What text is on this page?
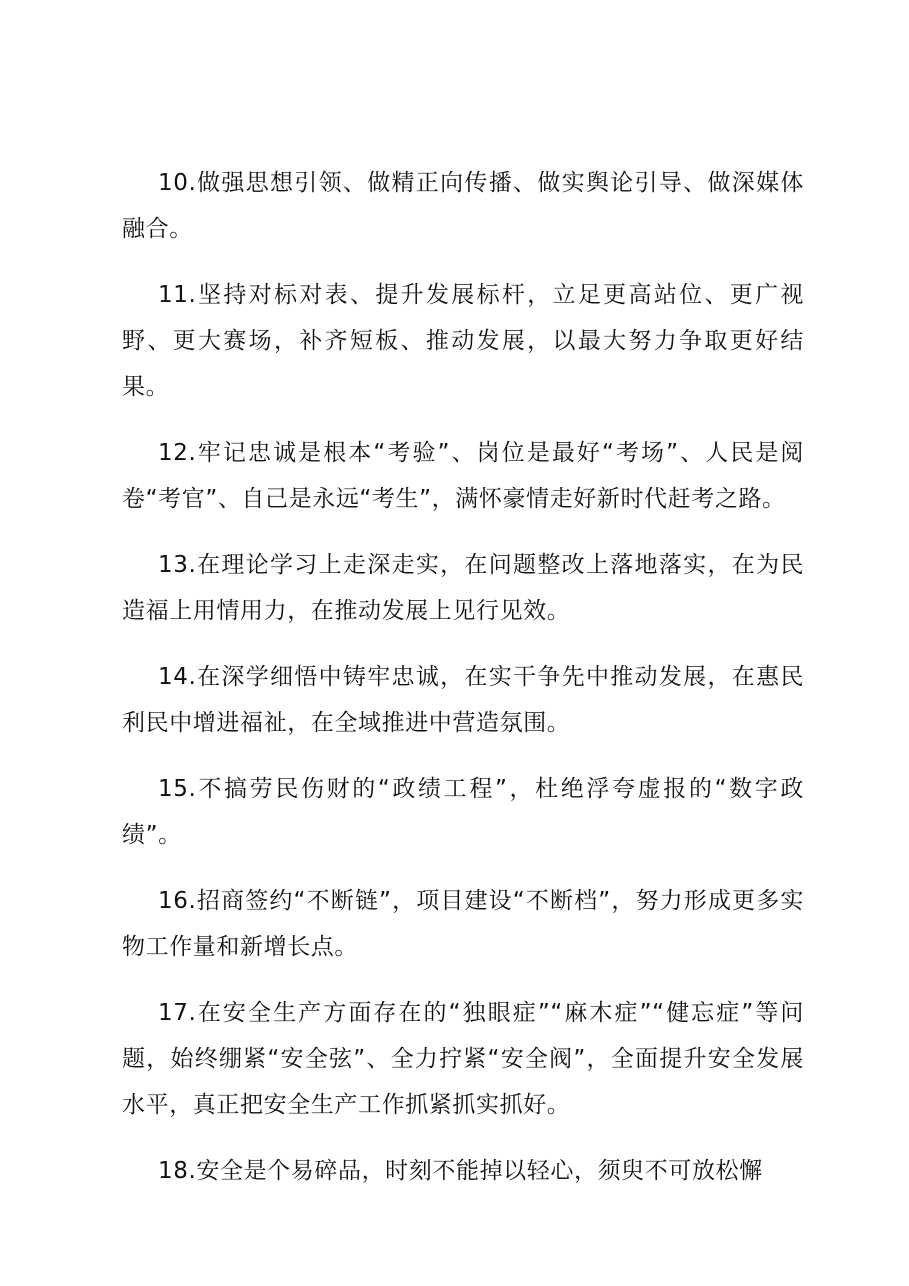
10.做强思想引领、做精正向传播、做实舆论引导、做深媒体融合。

11.坚持对标对表、提升发展标杆，立足更高站位、更广视野、更大赛场，补齐短板、推动发展，以最大努力争取更好结果。

12.牢记忠诚是根本“考验”、岗位是最好“考场”、人民是阅卷“考官”、自己是永远“考生”，满怀豪情走好新时代赶考之路。

13.在理论学习上走深走实，在问题整改上落地落实，在为民造福上用情用力，在推动发展上见行见效。

14.在深学细悟中铸牢忠诚，在实干争先中推动发展，在惠民利民中增进福祉，在全域推进中营造氛围。

15.不搞劳民伤财的“政绩工程”，杜绝浮夸虚报的“数字政绩”。

16.招商签约“不断链”，项目建设“不断档”，努力形成更多实物工作量和新增长点。

17.在安全生产方面存在的“独眼症”“麻木症”“健忘症”等问题，始终绷紧“安全弦”、全力拧紧“安全阀”，全面提升安全发展水平，真正把安全生产工作抓紧抓实抓好。

18.安全是个易碎品，时刻不能掉以轻心，须臾不可放松懈
